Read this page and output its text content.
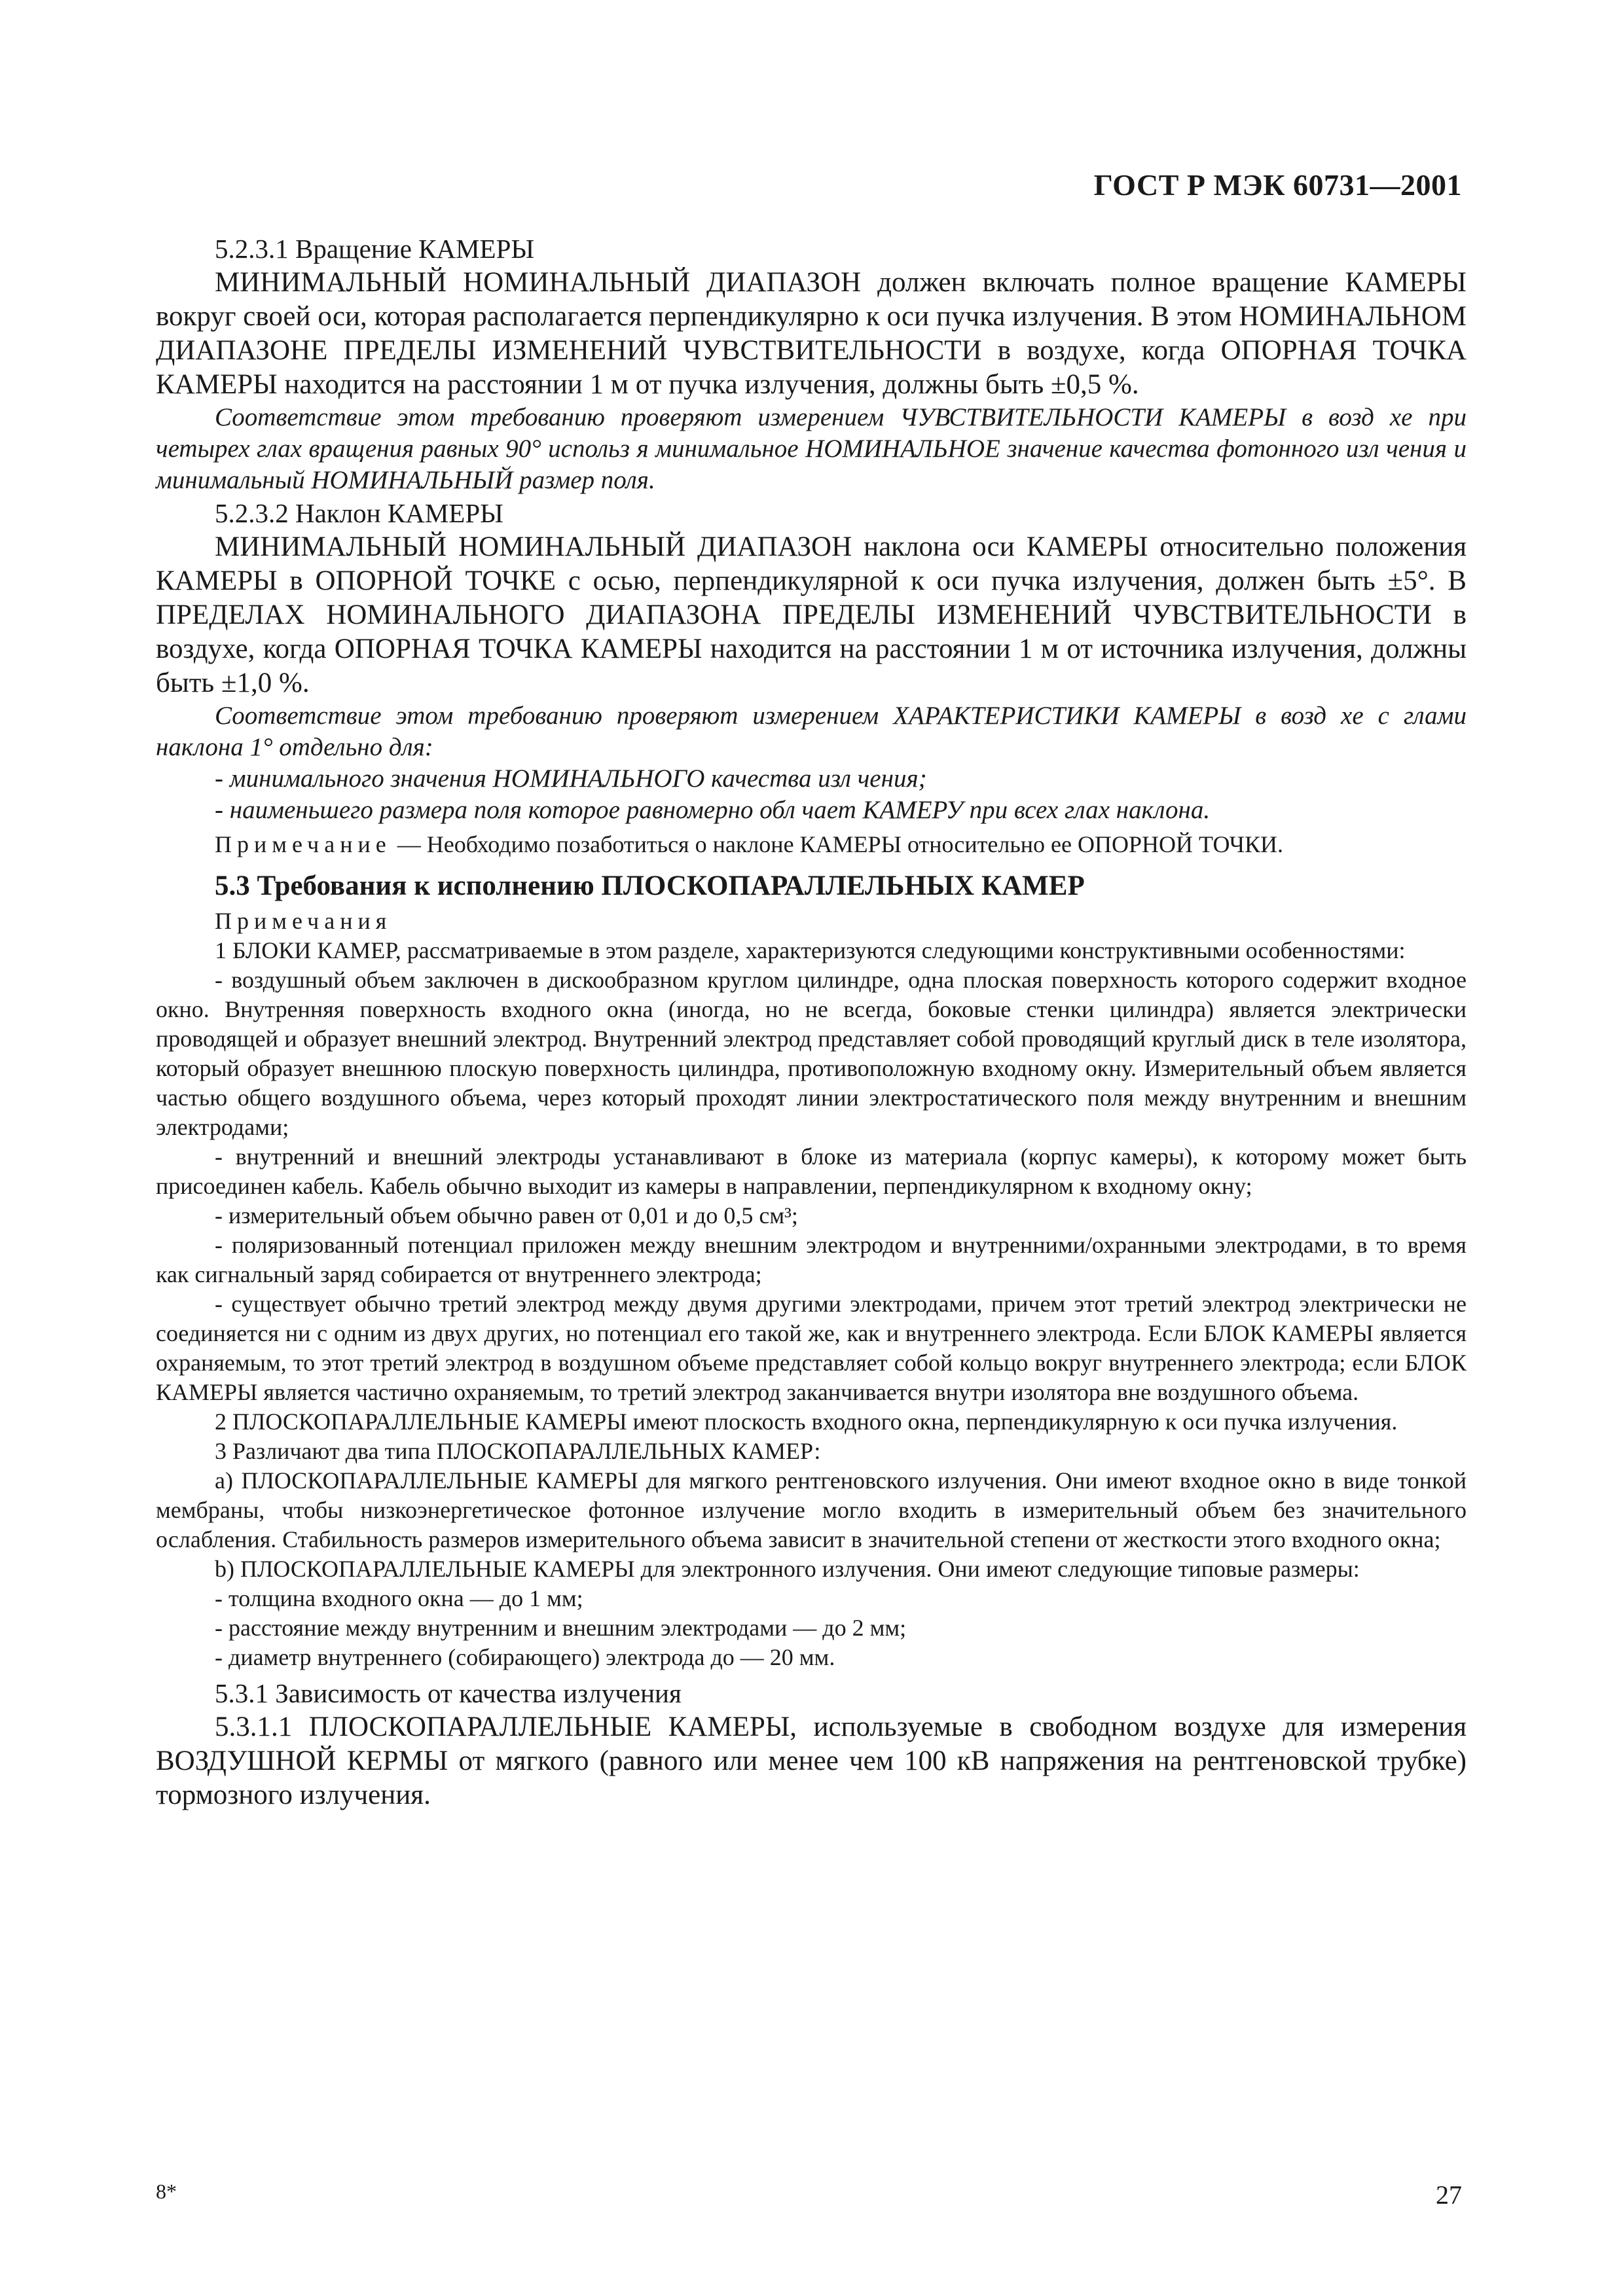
ГОСТ Р МЭК 60731—2001

5.2.3.1 Вращение КАМЕРЫ

МИНИМАЛЬНЫЙ НОМИНАЛЬНЫЙ ДИАПАЗОН должен включать полное вращение КАМЕРЫ вокруг своей оси, которая располагается перпендикулярно к оси пучка излучения. В этом НОМИНАЛЬНОМ ДИАПАЗОНЕ ПРЕДЕЛЫ ИЗМЕНЕНИЙ ЧУВСТВИТЕЛЬНОСТИ в воздухе, когда ОПОРНАЯ ТОЧКА КАМЕРЫ находится на расстоянии 1 м от пучка излучения, должны быть ±0,5 %.

Соответствие этом требованию проверяют измерением ЧУВСТВИТЕЛЬНОСТИ КАМЕРЫ в возд хе при четырех глах вращения равных 90° использ я минимальное НОМИНАЛЬНОЕ значение качества фотонного изл чения и минимальный НОМИНАЛЬНЫЙ размер поля.

5.2.3.2 Наклон КАМЕРЫ

МИНИМАЛЬНЫЙ НОМИНАЛЬНЫЙ ДИАПАЗОН наклона оси КАМЕРЫ относительно положения КАМЕРЫ в ОПОРНОЙ ТОЧКЕ с осью, перпендикулярной к оси пучка излучения, должен быть ±5°. В ПРЕДЕЛАХ НОМИНАЛЬНОГО ДИАПАЗОНА ПРЕДЕЛЫ ИЗМЕНЕНИЙ ЧУВСТВИТЕЛЬНОСТИ в воздухе, когда ОПОРНАЯ ТОЧКА КАМЕРЫ находится на расстоянии 1 м от источника излучения, должны быть ±1,0 %.

Соответствие этом требованию проверяют измерением ХАРАКТЕРИСТИКИ КАМЕРЫ в возд хе с глами наклона 1° отдельно для:

- минимального значения НОМИНАЛЬНОГО качества изл чения;
- наименьшего размера поля которое равномерно обл чает КАМЕРУ при всех глах наклона.

Примечание — Необходимо позаботиться о наклоне КАМЕРЫ относительно ее ОПОРНОЙ ТОЧКИ.

5.3 Требования к исполнению ПЛОСКОПАРАЛЛЕЛЬНЫХ КАМЕР

Примечания

1 БЛОКИ КАМЕР, рассматриваемые в этом разделе, характеризуются следующими конструктивными особенностями:

- воздушный объем заключен в дискообразном круглом цилиндре, одна плоская поверхность которого содержит входное окно. Внутренняя поверхность входного окна (иногда, но не всегда, боковые стенки цилиндра) является электрически проводящей и образует внешний электрод. Внутренний электрод представляет собой проводящий круглый диск в теле изолятора, который образует внешнюю плоскую поверхность цилиндра, противоположную входному окну. Измерительный объем является частью общего воздушного объема, через который проходят линии электростатического поля между внутренним и внешним электродами;
- внутренний и внешний электроды устанавливают в блоке из материала (корпус камеры), к которому может быть присоединен кабель. Кабель обычно выходит из камеры в направлении, перпендикулярном к входному окну;
- измерительный объем обычно равен от 0,01 и до 0,5 см³;
- поляризованный потенциал приложен между внешним электродом и внутренними/охранными электродами, в то время как сигнальный заряд собирается от внутреннего электрода;
- существует обычно третий электрод между двумя другими электродами, причем этот третий электрод электрически не соединяется ни с одним из двух других, но потенциал его такой же, как и внутреннего электрода. Если БЛОК КАМЕРЫ является охраняемым, то этот третий электрод в воздушном объеме представляет собой кольцо вокруг внутреннего электрода; если БЛОК КАМЕРЫ является частично охраняемым, то третий электрод заканчивается внутри изолятора вне воздушного объема.

2 ПЛОСКОПАРАЛЛЕЛЬНЫЕ КАМЕРЫ имеют плоскость входного окна, перпендикулярную к оси пучка излучения.

3 Различают два типа ПЛОСКОПАРАЛЛЕЛЬНЫХ КАМЕР:

а) ПЛОСКОПАРАЛЛЕЛЬНЫЕ КАМЕРЫ для мягкого рентгеновского излучения. Они имеют входное окно в виде тонкой мембраны, чтобы низкоэнергетическое фотонное излучение могло входить в измерительный объем без значительного ослабления. Стабильность размеров измерительного объема зависит в значительной степени от жесткости этого входного окна;

b) ПЛОСКОПАРАЛЛЕЛЬНЫЕ КАМЕРЫ для электронного излучения. Они имеют следующие типовые размеры:

- толщина входного окна — до 1 мм;
- расстояние между внутренним и внешним электродами — до 2 мм;
- диаметр внутреннего (собирающего) электрода до — 20 мм.

5.3.1 Зависимость от качества излучения

5.3.1.1 ПЛОСКОПАРАЛЛЕЛЬНЫЕ КАМЕРЫ, используемые в свободном воздухе для измерения ВОЗДУШНОЙ КЕРМЫ от мягкого (равного или менее чем 100 кВ напряжения на рентгеновской трубке) тормозного излучения.

8*	27
